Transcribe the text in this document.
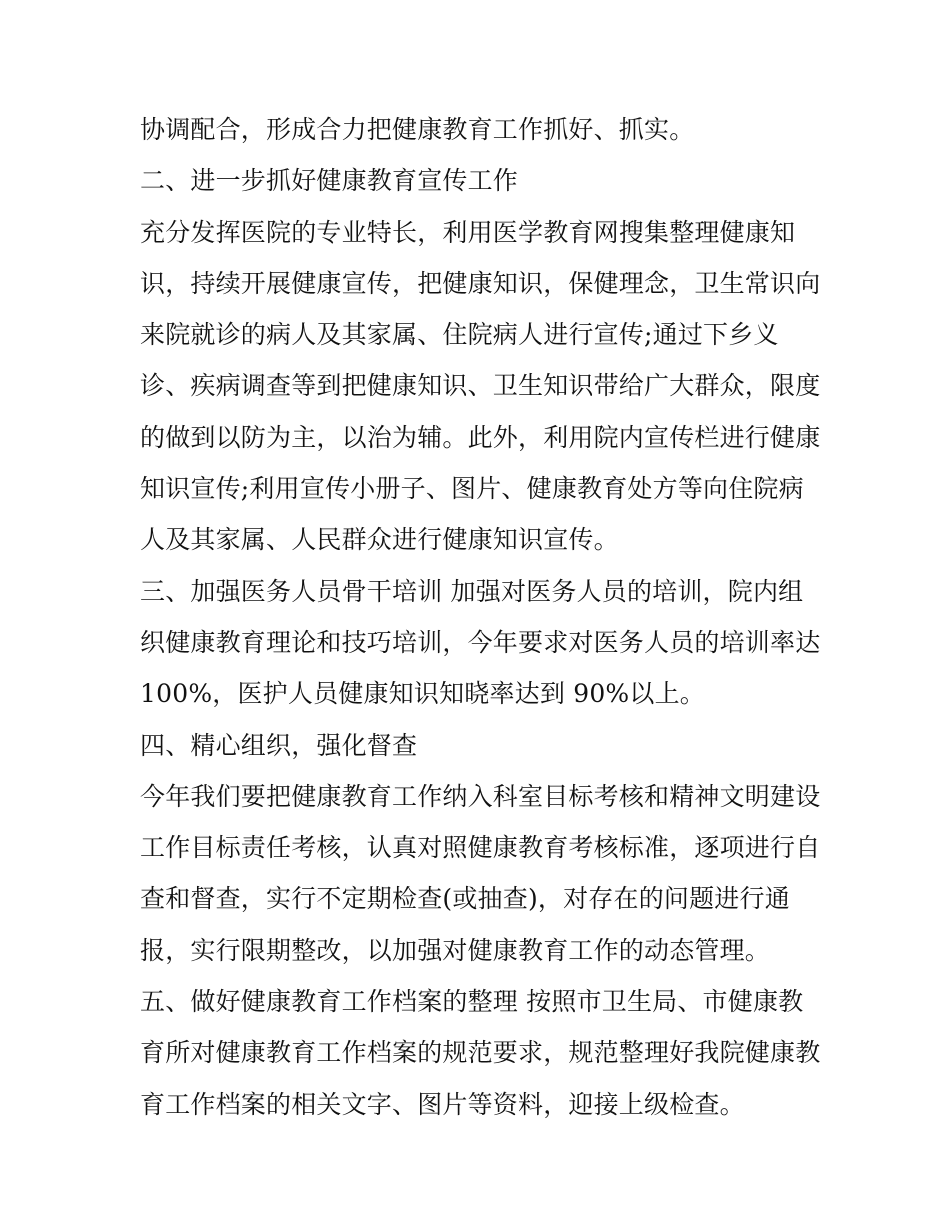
协调配合，形成合力把健康教育工作抓好、抓实。
二、进一步抓好健康教育宣传工作
充分发挥医院的专业特长，利用医学教育网搜集整理健康知
识，持续开展健康宣传，把健康知识，保健理念，卫生常识向
来院就诊的病人及其家属、住院病人进行宣传;通过下乡义
诊、疾病调查等到把健康知识、卫生知识带给广大群众，限度
的做到以防为主，以治为辅。此外，利用院内宣传栏进行健康
知识宣传;利用宣传小册子、图片、健康教育处方等向住院病
人及其家属、人民群众进行健康知识宣传。
三、加强医务人员骨干培训 加强对医务人员的培训，院内组
织健康教育理论和技巧培训，今年要求对医务人员的培训率达
100%，医护人员健康知识知晓率达到 90%以上。
四、精心组织，强化督查
今年我们要把健康教育工作纳入科室目标考核和精神文明建设
工作目标责任考核，认真对照健康教育考核标准，逐项进行自
查和督查，实行不定期检查(或抽查)，对存在的问题进行通
报，实行限期整改，以加强对健康教育工作的动态管理。
五、做好健康教育工作档案的整理 按照市卫生局、市健康教
育所对健康教育工作档案的规范要求，规范整理好我院健康教
育工作档案的相关文字、图片等资料，迎接上级检查。
